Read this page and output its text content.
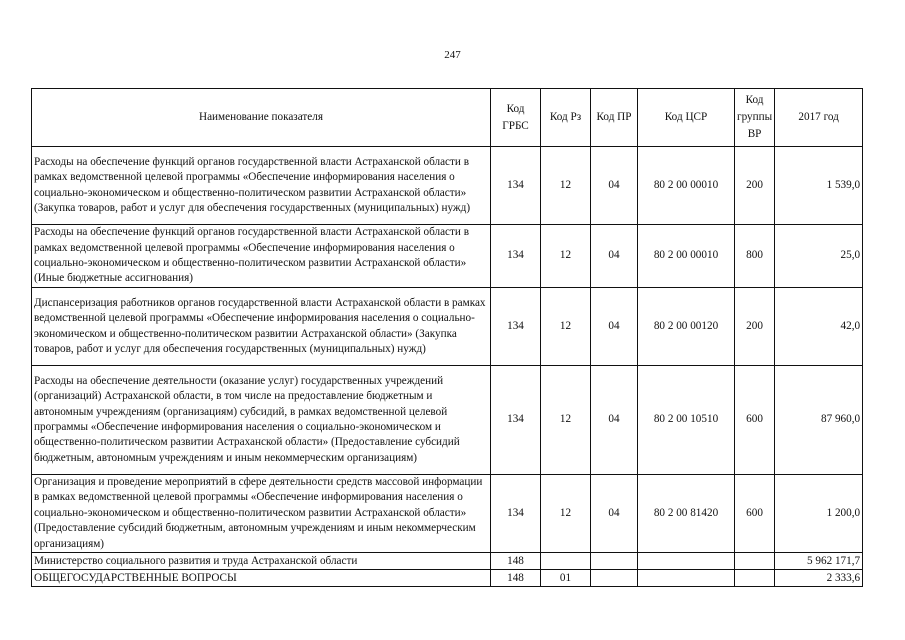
247
Наименование показателя	Код ГРБС	Код Рз	Код ПР	Код ЦСР	Код группы ВР	2017 год
Расходы на обеспечение функций органов государственной власти Астраханской области в рамках ведомственной целевой программы «Обеспечение информирования населения о социально-экономическом и общественно-политическом развитии Астраханской области» (Закупка товаров, работ и услуг для обеспечения государственных (муниципальных) нужд)	134	12	04	80 2 00 00010	200	1 539,0
Расходы на обеспечение функций органов государственной власти Астраханской области в рамках ведомственной целевой программы «Обеспечение информирования населения о социально-экономическом и общественно-политическом развитии Астраханской области» (Иные бюджетные ассигнования)	134	12	04	80 2 00 00010	800	25,0
Диспансеризация работников органов государственной власти Астраханской области в рамках ведомственной целевой программы «Обеспечение информирования населения о социально-экономическом и общественно-политическом развитии Астраханской области» (Закупка товаров, работ и услуг для обеспечения государственных (муниципальных) нужд)	134	12	04	80 2 00 00120	200	42,0
Расходы на обеспечение деятельности (оказание услуг) государственных учреждений (организаций) Астраханской области, в том числе на предоставление бюджетным и автономным учреждениям (организациям) субсидий, в рамках ведомственной целевой программы «Обеспечение информирования населения о социально-экономическом и общественно-политическом развитии Астраханской области» (Предоставление субсидий бюджетным, автономным учреждениям и иным некоммерческим организациям)	134	12	04	80 2 00 10510	600	87 960,0
Организация и проведение мероприятий в сфере деятельности средств массовой информации в рамках ведомственной целевой программы «Обеспечение информирования населения о социально-экономическом и общественно-политическом развитии Астраханской области» (Предоставление субсидий бюджетным, автономным учреждениям и иным некоммерческим организациям)	134	12	04	80 2 00 81420	600	1 200,0
Министерство социального развития и труда Астраханской области	148					5 962 171,7
ОБЩЕГОСУДАРСТВЕННЫЕ ВОПРОСЫ	148	01				2 333,6
